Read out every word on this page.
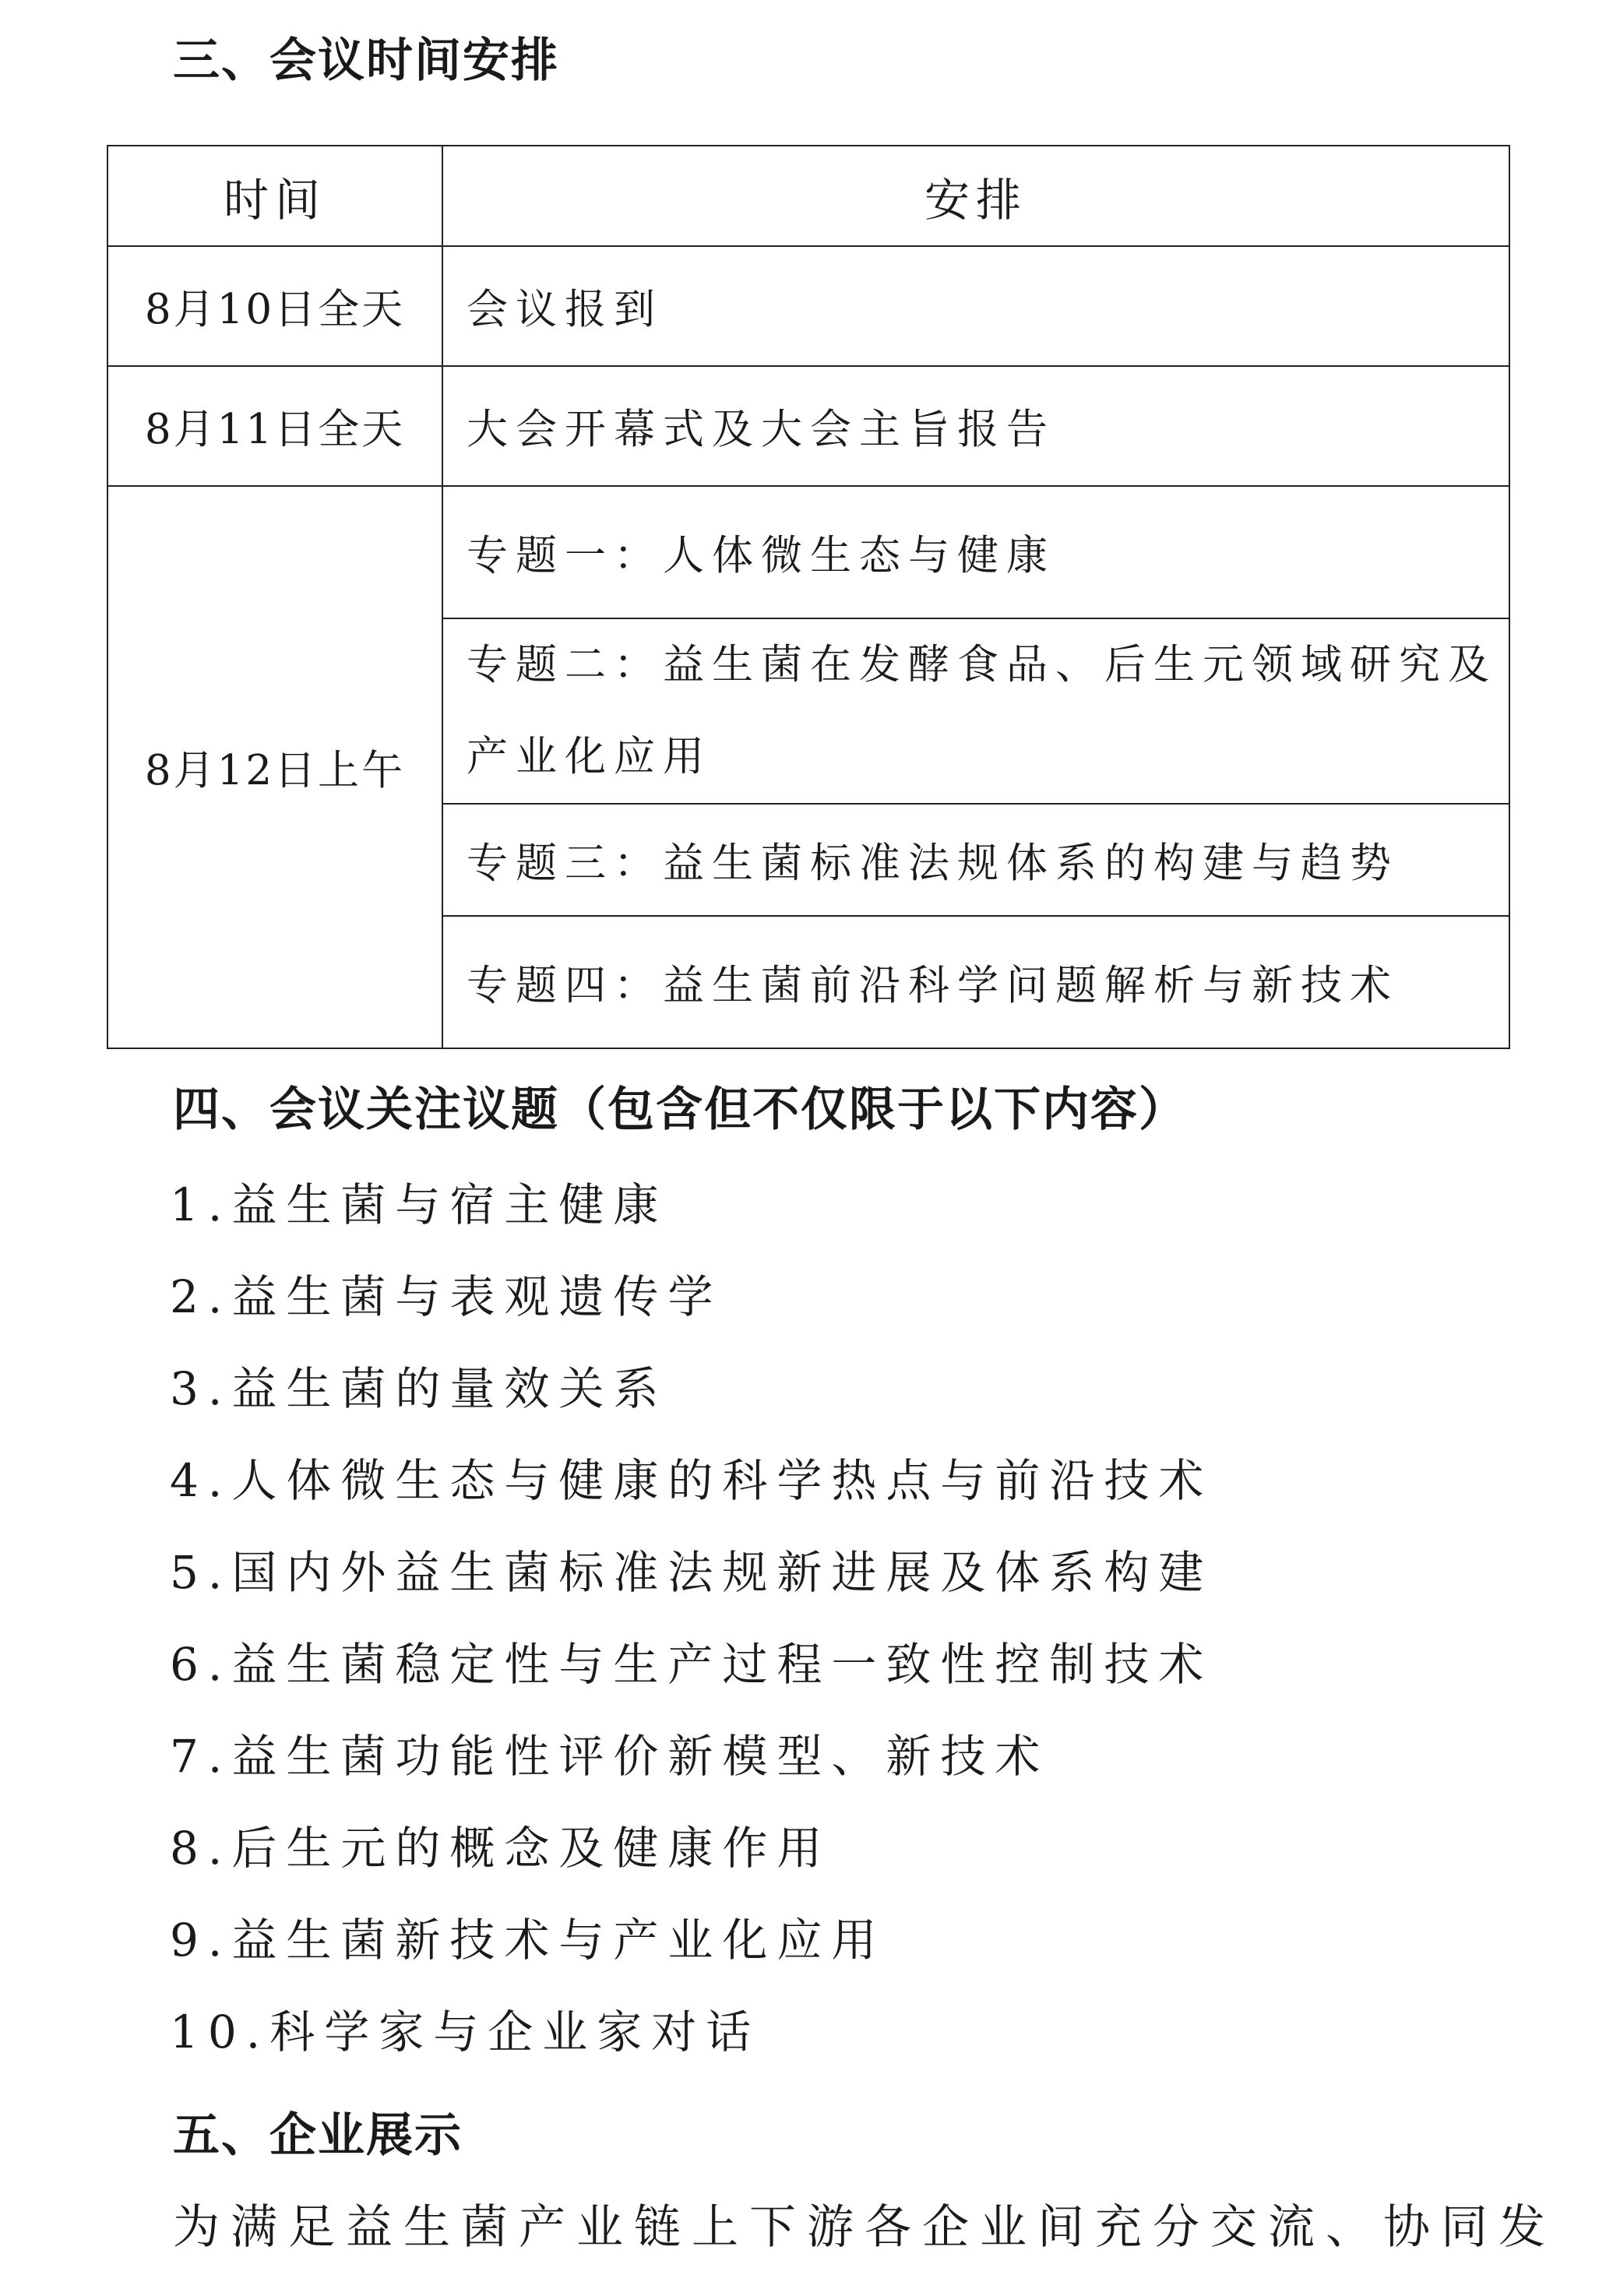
三、会议时间安排
时间	安排
8月10日全天	会议报到
8月11日全天	大会开幕式及大会主旨报告
8月12日上午	专题一：人体微生态与健康
	专题二：益生菌在发酵食品、后生元领域研究及产业化应用
	专题三：益生菌标准法规体系的构建与趋势
	专题四：益生菌前沿科学问题解析与新技术
四、会议关注议题（包含但不仅限于以下内容）
1.益生菌与宿主健康
2.益生菌与表观遗传学
3.益生菌的量效关系
4.人体微生态与健康的科学热点与前沿技术
5.国内外益生菌标准法规新进展及体系构建
6.益生菌稳定性与生产过程一致性控制技术
7.益生菌功能性评价新模型、新技术
8.后生元的概念及健康作用
9.益生菌新技术与产业化应用
10.科学家与企业家对话
五、企业展示
为满足益生菌产业链上下游各企业间充分交流、协同发
